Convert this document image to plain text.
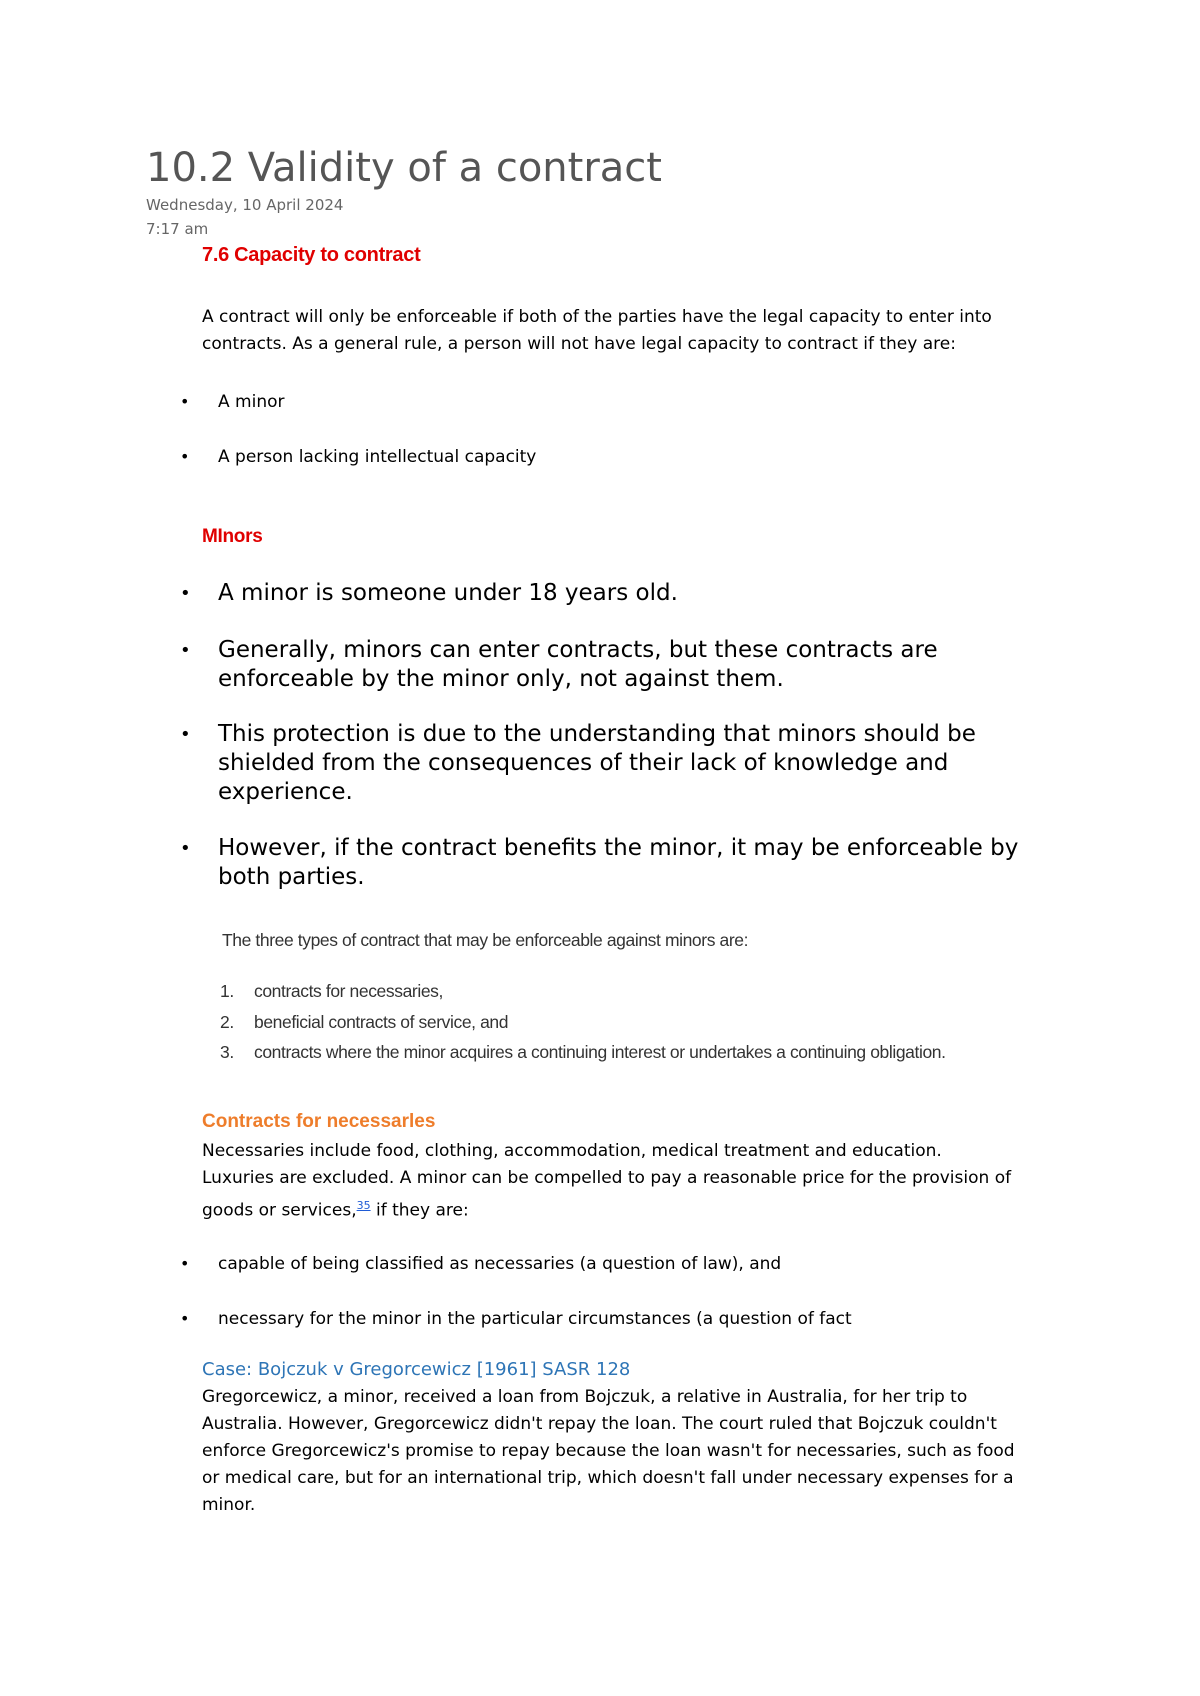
10.2 Validity of a contract
Wednesday, 10 April 2024
7:17 am
7.6 Capacity to contract
A contract will only be enforceable if both of the parties have the legal capacity to enter into
contracts. As a general rule, a person will not have legal capacity to contract if they are:
• A minor
• A person lacking intellectual capacity
MInors
• A minor is someone under 18 years old.
• Generally, minors can enter contracts, but these contracts are enforceable by the minor only, not against them.
• This protection is due to the understanding that minors should be shielded from the consequences of their lack of knowledge and experience.
• However, if the contract benefits the minor, it may be enforceable by both parties.
The three types of contract that may be enforceable against minors are:
1. contracts for necessaries,
2. beneficial contracts of service, and
3. contracts where the minor acquires a continuing interest or undertakes a continuing obligation.
Contracts for necessarles
Necessaries include food, clothing, accommodation, medical treatment and education.
Luxuries are excluded. A minor can be compelled to pay a reasonable price for the provision of
goods or services,$^{35}$ if they are:
• capable of being classified as necessaries (a question of law), and
• necessary for the minor in the particular circumstances (a question of fact
Case: Bojczuk v Gregorcewicz [1961] SASR 128
Gregorcewicz, a minor, received a loan from Bojczuk, a relative in Australia, for her trip to
Australia. However, Gregorcewicz didn't repay the loan. The court ruled that Bojczuk couldn't
enforce Gregorcewicz's promise to repay because the loan wasn't for necessaries, such as food
or medical care, but for an international trip, which doesn't fall under necessary expenses for a
minor.
